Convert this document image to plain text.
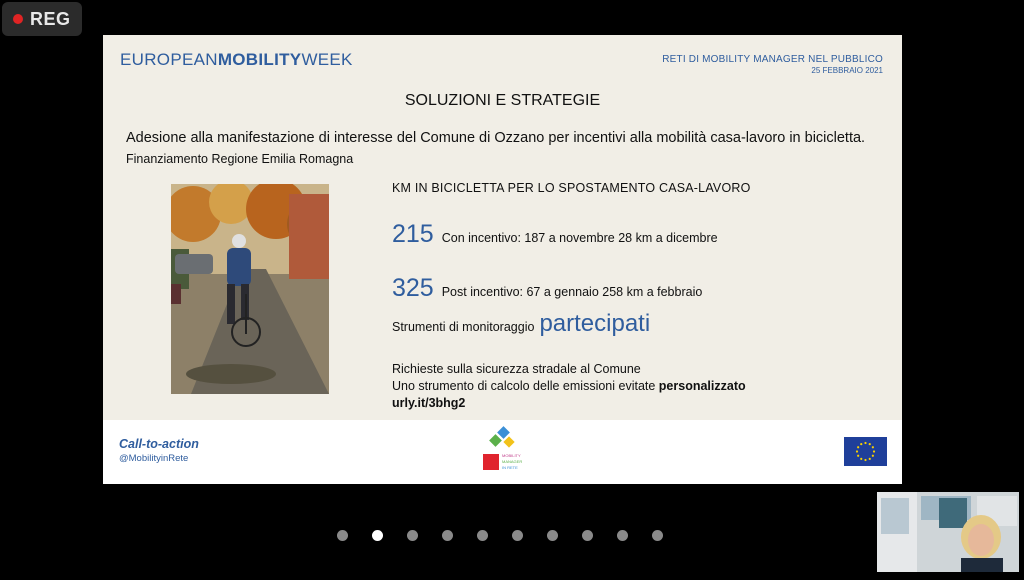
REG
EUROPEANMOBILITYWEEK	RETI DI MOBILITY MANAGER NEL PUBBLICO
25 FEBBRAIO 2021
SOLUZIONI E STRATEGIE
Adesione alla manifestazione di interesse del Comune di Ozzano per incentivi alla mobilità casa-lavoro in bicicletta.
Finanziamento Regione Emilia Romagna
KM IN BICICLETTA PER LO SPOSTAMENTO CASA-LAVORO
215 Con incentivo: 187 a novembre 28 km a dicembre
325 Post incentivo: 67 a gennaio 258 km a febbraio
Strumenti di monitoraggio partecipati
Richieste sulla sicurezza stradale al Comune
Uno strumento di calcolo delle emissioni evitate personalizzato
urly.it/3bhg2
Call-to-action
@MobilityinRete	MOBILITY
MANAGER
IN RETE
